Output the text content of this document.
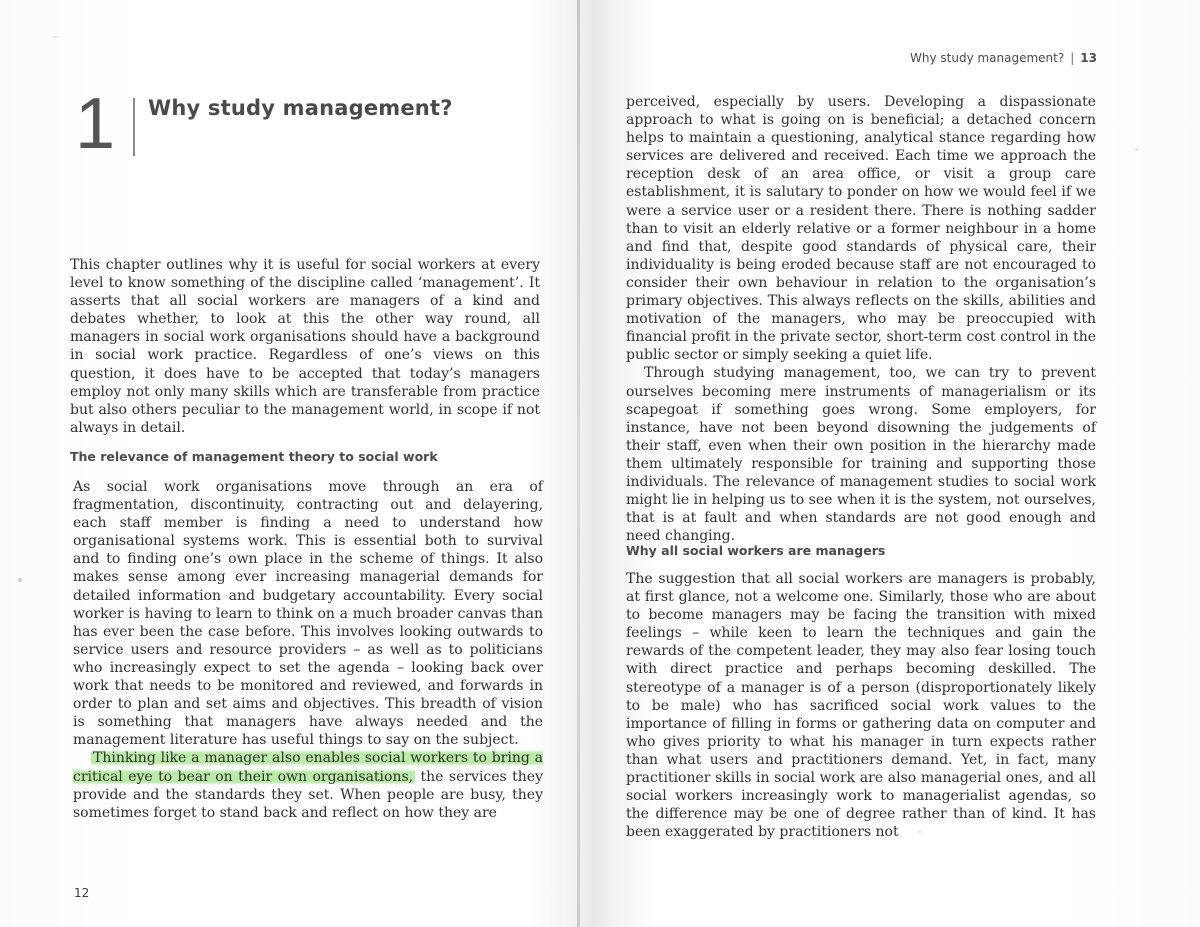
1 Why study management?

This chapter outlines why it is useful for social workers at every level to know something of the discipline called ‘management’. It asserts that all social workers are managers of a kind and debates whether, to look at this the other way round, all managers in social work organisations should have a background in social work practice. Regardless of one’s views on this question, it does have to be accepted that today’s managers employ not only many skills which are transferable from practice but also others peculiar to the management world, in scope if not always in detail.

The relevance of management theory to social work

As social work organisations move through an era of fragmentation, discontinuity, contracting out and delayering, each staff member is finding a need to understand how organisational systems work. This is essential both to survival and to finding one’s own place in the scheme of things. It also makes sense among ever increasing managerial demands for detailed information and budgetary accountability. Every social worker is having to learn to think on a much broader canvas than has ever been the case before. This involves looking outwards to service users and resource providers – as well as to politicians who increasingly expect to set the agenda – looking back over work that needs to be monitored and reviewed, and forwards in order to plan and set aims and objectives. This breadth of vision is something that managers have always needed and the management literature has useful things to say on the subject.

Thinking like a manager also enables social workers to bring a critical eye to bear on their own organisations, the services they provide and the standards they set. When people are busy, they sometimes forget to stand back and reflect on how they are

12
Why study management? | 13

perceived, especially by users. Developing a dispassionate approach to what is going on is beneficial; a detached concern helps to maintain a questioning, analytical stance regarding how services are delivered and received. Each time we approach the reception desk of an area office, or visit a group care establishment, it is salutary to ponder on how we would feel if we were a service user or a resident there. There is nothing sadder than to visit an elderly relative or a former neighbour in a home and find that, despite good standards of physical care, their individuality is being eroded because staff are not encouraged to consider their own behaviour in relation to the organisation’s primary objectives. This always reflects on the skills, abilities and motivation of the managers, who may be preoccupied with financial profit in the private sector, short-term cost control in the public sector or simply seeking a quiet life.

Through studying management, too, we can try to prevent ourselves becoming mere instruments of managerialism or its scapegoat if something goes wrong. Some employers, for instance, have not been beyond disowning the judgements of their staff, even when their own position in the hierarchy made them ultimately responsible for training and supporting those individuals. The relevance of management studies to social work might lie in helping us to see when it is the system, not ourselves, that is at fault and when standards are not good enough and need changing.

Why all social workers are managers

The suggestion that all social workers are managers is probably, at first glance, not a welcome one. Similarly, those who are about to become managers may be facing the transition with mixed feelings – while keen to learn the techniques and gain the rewards of the competent leader, they may also fear losing touch with direct practice and perhaps becoming deskilled. The stereotype of a manager is of a person (disproportionately likely to be male) who has sacrificed social work values to the importance of filling in forms or gathering data on computer and who gives priority to what his manager in turn expects rather than what users and practitioners demand. Yet, in fact, many practitioner skills in social work are also managerial ones, and all social workers increasingly work to managerialist agendas, so the difference may be one of degree rather than of kind. It has been exaggerated by practitioners not
